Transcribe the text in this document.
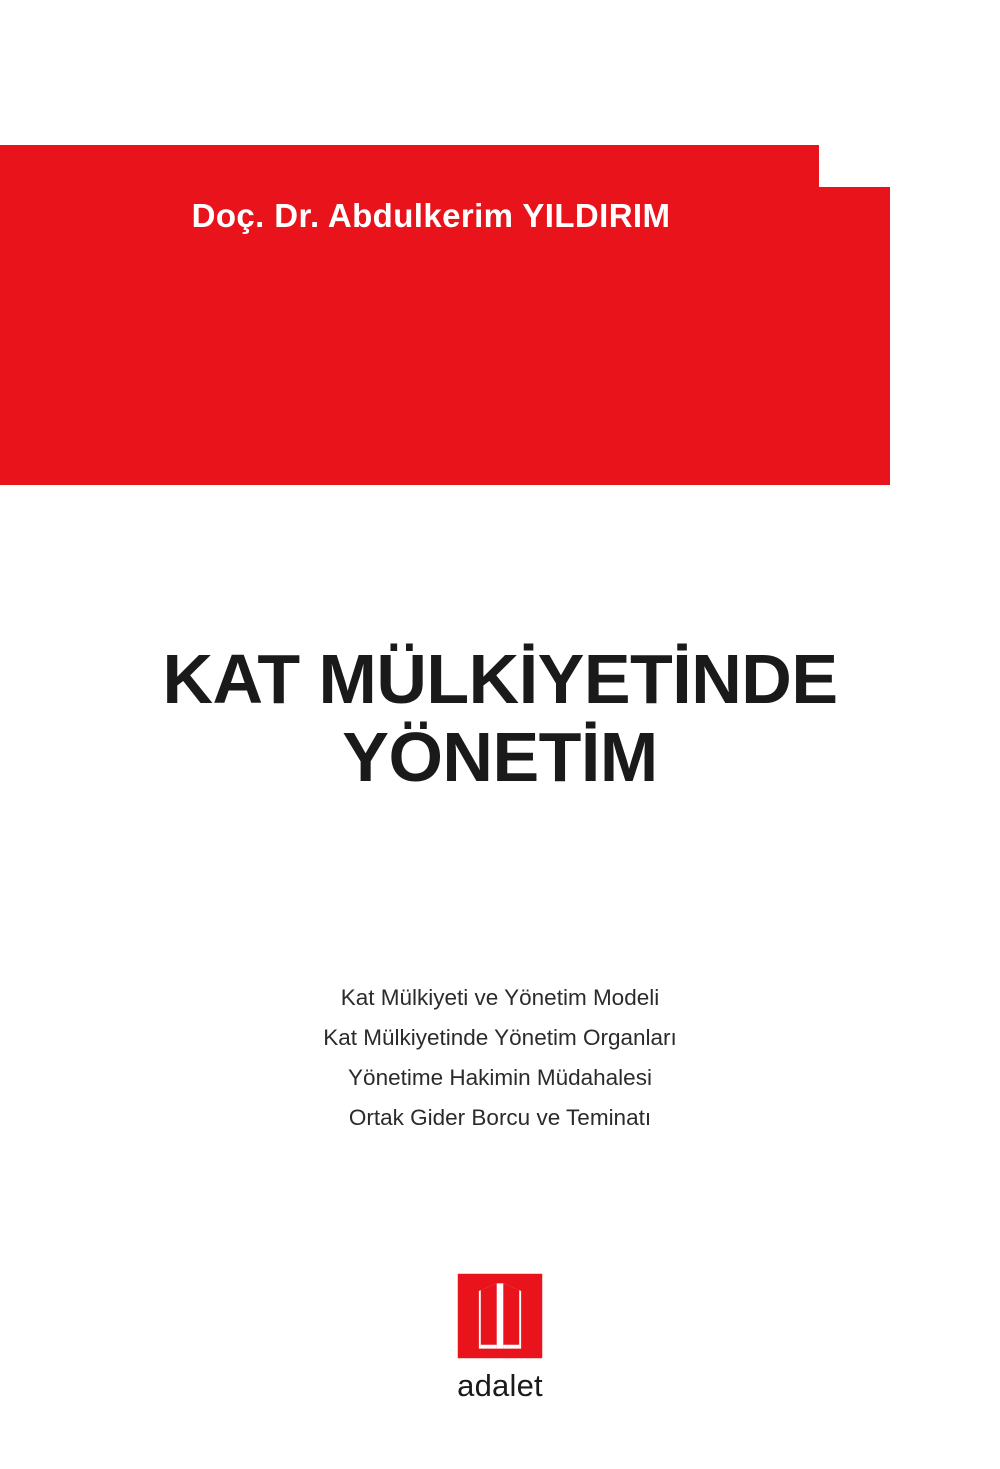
Doç. Dr. Abdulkerim YILDIRIM
KAT MÜLKİYETİNDE
YÖNETİM
Kat Mülkiyeti ve Yönetim Modeli
Kat Mülkiyetinde Yönetim Organları
Yönetime Hakimin Müdahalesi
Ortak Gider Borcu ve Teminatı
adalet
